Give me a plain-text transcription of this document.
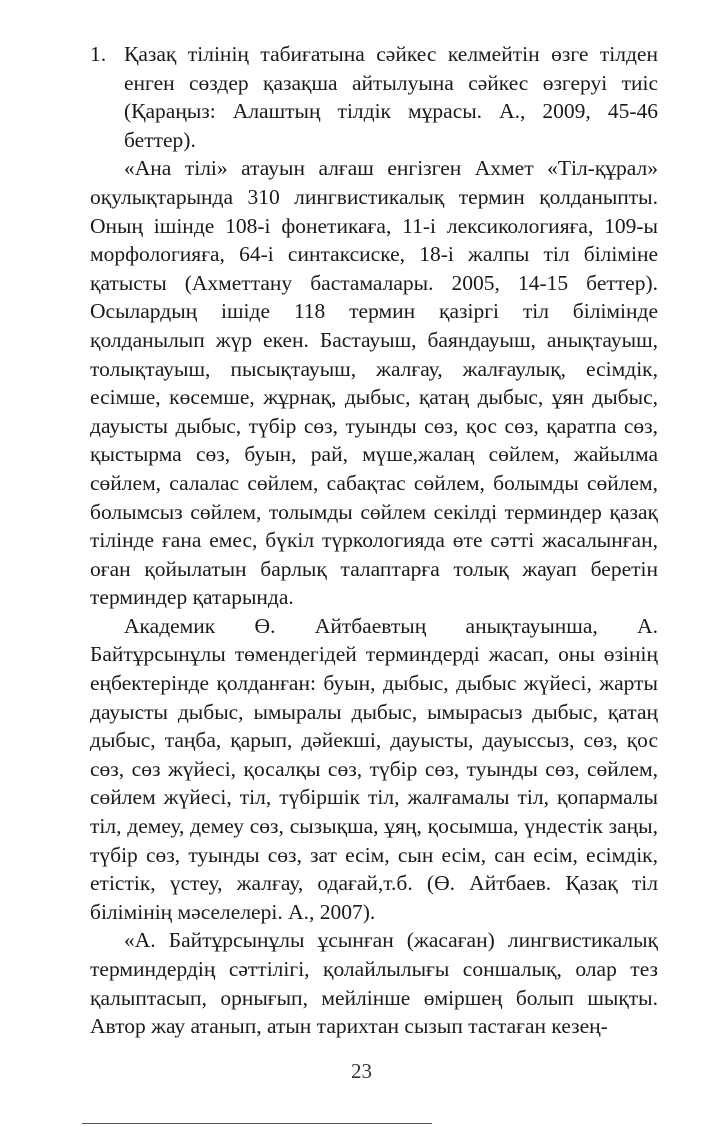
1. Қазақ тілінің табиғатына сәйкес келмейтін өзге тілден енген сөздер қазақша айтылуына сәйкес өзгеруі тиіс (Қараңыз: Алаштың тілдік мұрасы. А., 2009, 45-46 беттер).

«Ана тілі» атауын алғаш енгізген Ахмет «Тіл-құрал» оқулықтарында 310 лингвистикалық термин қолданыпты. Оның ішінде 108-і фонетикаға, 11-і лексикологияға, 109-ы морфологияға, 64-і синтаксиске, 18-і жалпы тіл біліміне қатысты (Ахметтану бастамалары. 2005, 14-15 беттер). Осылардың ішіде 118 термин қазіргі тіл білімінде қолданылып жүр екен. Бастауыш, баяндауыш, анықтауыш, толықтауыш, пысықтауыш, жалғау, жалғаулық, есімдік, есімше, көсемше, жұрнақ, дыбыс, қатаң дыбыс, ұян дыбыс, дауысты дыбыс, түбір сөз, туынды сөз, қос сөз, қаратпа сөз, қыстырма сөз, буын, рай, мүше,жалаң сөйлем, жайылма сөйлем, салалас сөйлем, сабақтас сөйлем, болымды сөйлем, болымсыз сөйлем, толымды сөйлем секілді терминдер қазақ тілінде ғана емес, бүкіл түркологияда өте сәтті жасалынған, оған қойылатын барлық талаптарға толық жауап беретін терминдер қатарында.

Академик Ө. Айтбаевтың анықтауынша, А. Байтұрсынұлы төмендегідей терминдерді жасап, оны өзінің еңбектерінде қолданған: буын, дыбыс, дыбыс жүйесі, жарты дауысты дыбыс, ымыралы дыбыс, ымырасыз дыбыс, қатаң дыбыс, таңба, қарып, дәйекші, дауысты, дауыссыз, сөз, қос сөз, сөз жүйесі, қосалқы сөз, түбір сөз, туынды сөз, сөйлем, сөйлем жүйесі, тіл, түбіршік тіл, жалғамалы тіл, қопармалы тіл, демеу, демеу сөз, сызықша, ұяң, қосымша, үндестік заңы, түбір сөз, туынды сөз, зат есім, сын есім, сан есім, есімдік, етістік, үстеу, жалғау, одағай,т.б. (Ө. Айтбаев. Қазақ тіл білімінің мәселелері. А., 2007).

«А. Байтұрсынұлы ұсынған (жасаған) лингвистикалық терминдердің сәттілігі, қолайлылығы соншалық, олар тез қалыптасып, орнығып, мейлінше өміршең болып шықты. Автор жау атанып, атын тарихтан сызып тастаған кезең-

23
